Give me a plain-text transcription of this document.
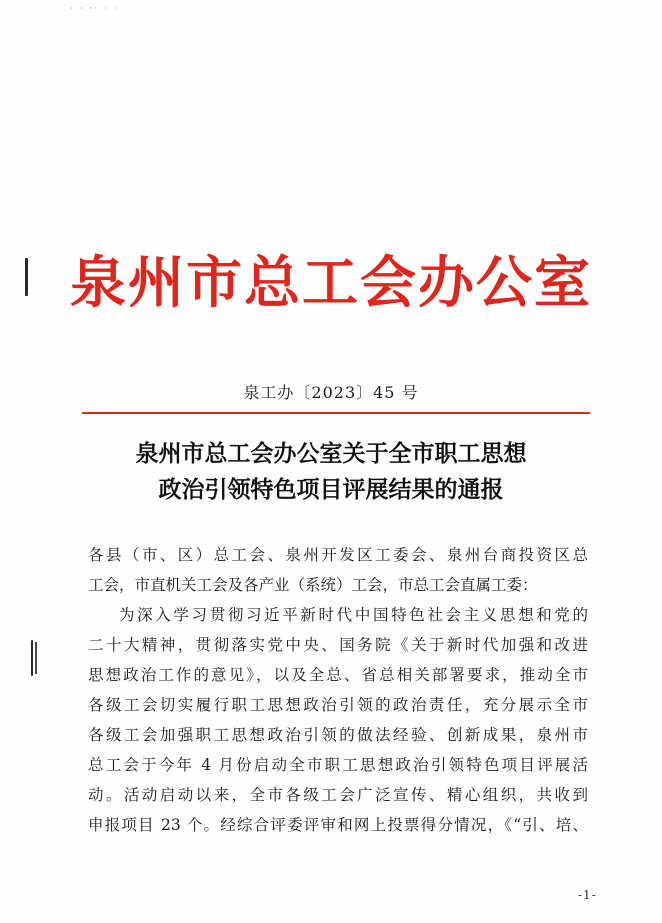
· · ·· · ·
泉州市总工会办公室
泉工办〔2023〕45 号
泉州市总工会办公室关于全市职工思想
政治引领特色项目评展结果的通报
各县（市、区）总工会、泉州开发区工委会、泉州台商投资区总
工会，市直机关工会及各产业（系统）工会，市总工会直属工委：
为深入学习贯彻习近平新时代中国特色社会主义思想和党的
二十大精神，贯彻落实党中央、国务院《关于新时代加强和改进
思想政治工作的意见》，以及全总、省总相关部署要求，推动全市
各级工会切实履行职工思想政治引领的政治责任，充分展示全市
各级工会加强职工思想政治引领的做法经验、创新成果，泉州市
总工会于今年 4 月份启动全市职工思想政治引领特色项目评展活
动。活动启动以来，全市各级工会广泛宣传、精心组织，共收到
申报项目 23 个。经综合评委评审和网上投票得分情况，《“引、培、
-1-
